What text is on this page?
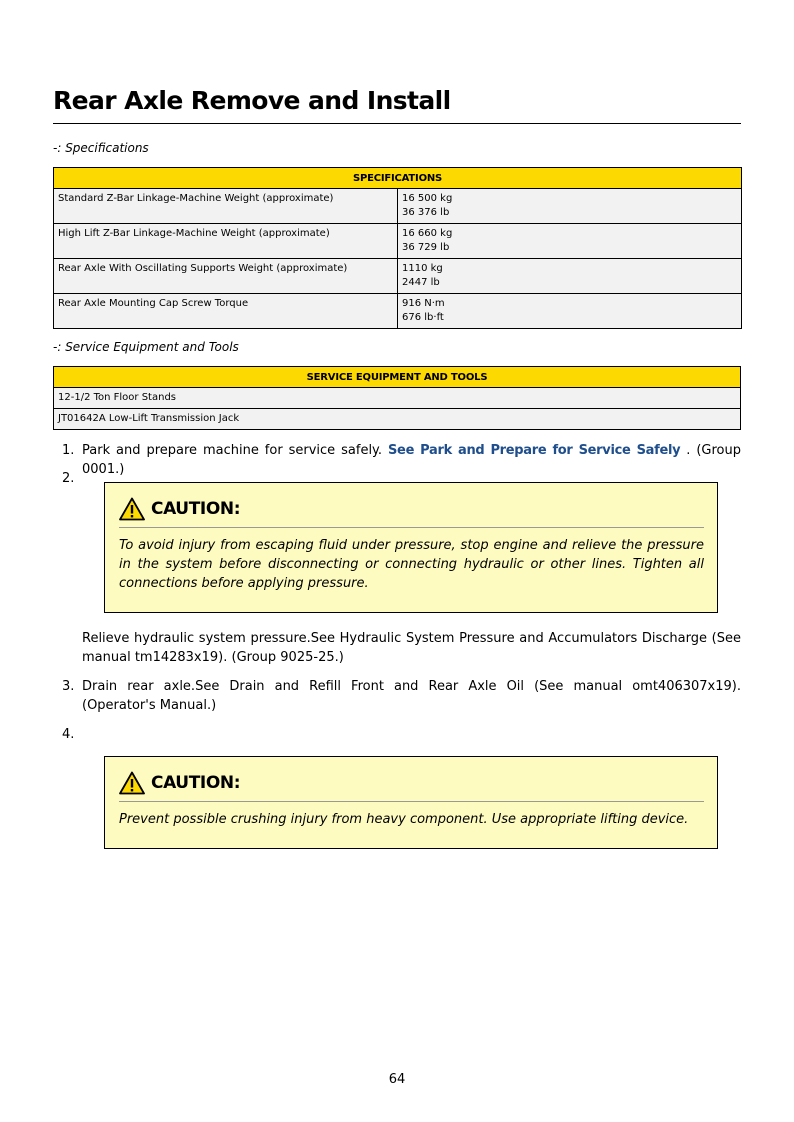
Rear Axle Remove and Install
-: Specifications
SPECIFICATIONS	
Standard Z-Bar Linkage-Machine Weight (approximate)	16 500 kg
36 376 lb

High Lift Z-Bar Linkage-Machine Weight (approximate)	16 660 kg
36 729 lb

Rear Axle With Oscillating Supports Weight (approximate)	1110 kg
2447 lb

Rear Axle Mounting Cap Screw Torque	916 N·m
676 lb·ft
-: Service Equipment and Tools
SERVICE EQUIPMENT AND TOOLS
12-1/2 Ton Floor Stands
JT01642A Low-Lift Transmission Jack
1. Park and prepare machine for service safely. See Park and Prepare for Service Safely . (Group 0001.)
2.
CAUTION:
To avoid injury from escaping fluid under pressure, stop engine and relieve the pressure in the system before disconnecting or connecting hydraulic or other lines. Tighten all connections before applying pressure.
Relieve hydraulic system pressure.See Hydraulic System Pressure and Accumulators Discharge (See manual tm14283x19). (Group 9025-25.)
3. Drain rear axle.See Drain and Refill Front and Rear Axle Oil (See manual omt406307x19). (Operator's Manual.)
4.
CAUTION:
Prevent possible crushing injury from heavy component. Use appropriate lifting device.
64
